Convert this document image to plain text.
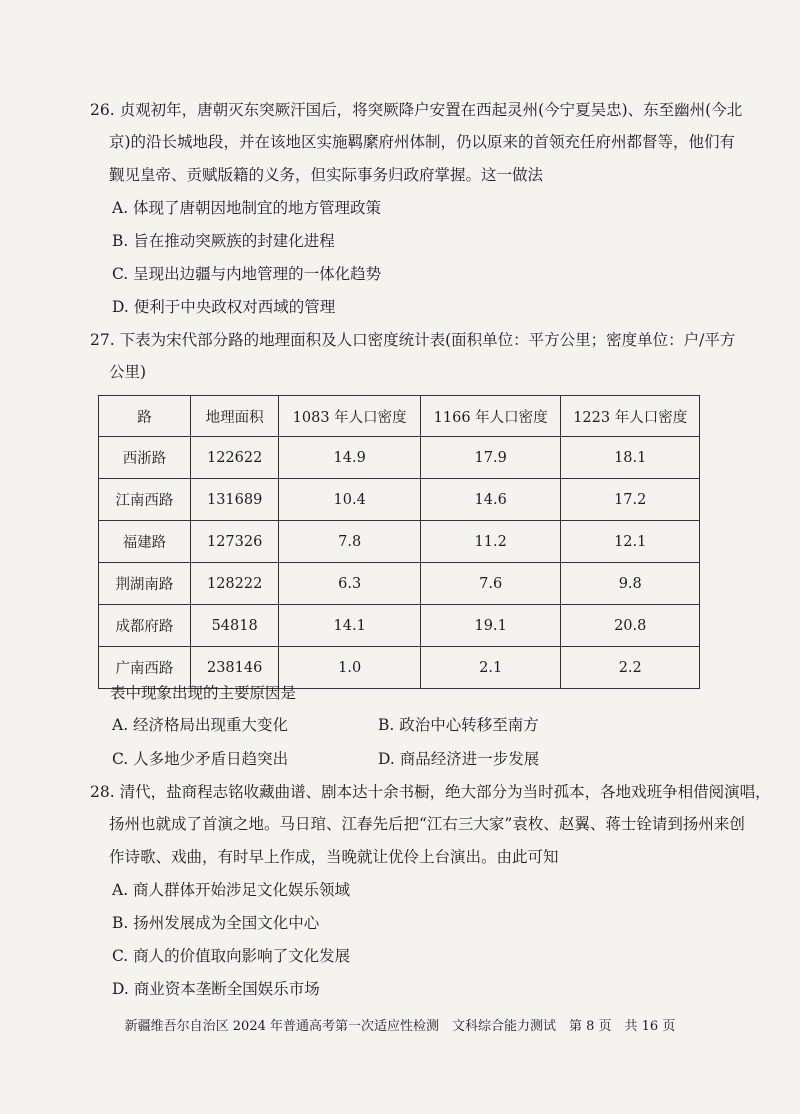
26. 贞观初年，唐朝灭东突厥汗国后，将突厥降户安置在西起灵州(今宁夏吴忠)、东至幽州(今北
京)的沿长城地段，并在该地区实施羁縻府州体制，仍以原来的首领充任府州都督等，他们有
觐见皇帝、贡赋版籍的义务，但实际事务归政府掌握。这一做法
A. 体现了唐朝因地制宜的地方管理政策
B. 旨在推动突厥族的封建化进程
C. 呈现出边疆与内地管理的一体化趋势
D. 便利于中央政权对西域的管理
27. 下表为宋代部分路的地理面积及人口密度统计表(面积单位：平方公里；密度单位：户/平方
公里)
路	地理面积	1083 年人口密度	1166 年人口密度	1223 年人口密度
西浙路	122622	14.9	17.9	18.1
江南西路	131689	10.4	14.6	17.2
福建路	127326	7.8	11.2	12.1
荆湖南路	128222	6.3	7.6	9.8
成都府路	54818	14.1	19.1	20.8
广南西路	238146	1.0	2.1	2.2
表中现象出现的主要原因是
A. 经济格局出现重大变化	B. 政治中心转移至南方
C. 人多地少矛盾日趋突出	D. 商品经济进一步发展
28. 清代，盐商程志铭收藏曲谱、剧本达十余书橱，绝大部分为当时孤本，各地戏班争相借阅演唱，
扬州也就成了首演之地。马日琯、江春先后把“江右三大家”袁枚、赵翼、蒋士铨请到扬州来创
作诗歌、戏曲，有时早上作成，当晚就让优伶上台演出。由此可知
A. 商人群体开始涉足文化娱乐领域
B. 扬州发展成为全国文化中心
C. 商人的价值取向影响了文化发展
D. 商业资本垄断全国娱乐市场
新疆维吾尔自治区 2024 年普通高考第一次适应性检测　文科综合能力测试　第 8 页　共 16 页
